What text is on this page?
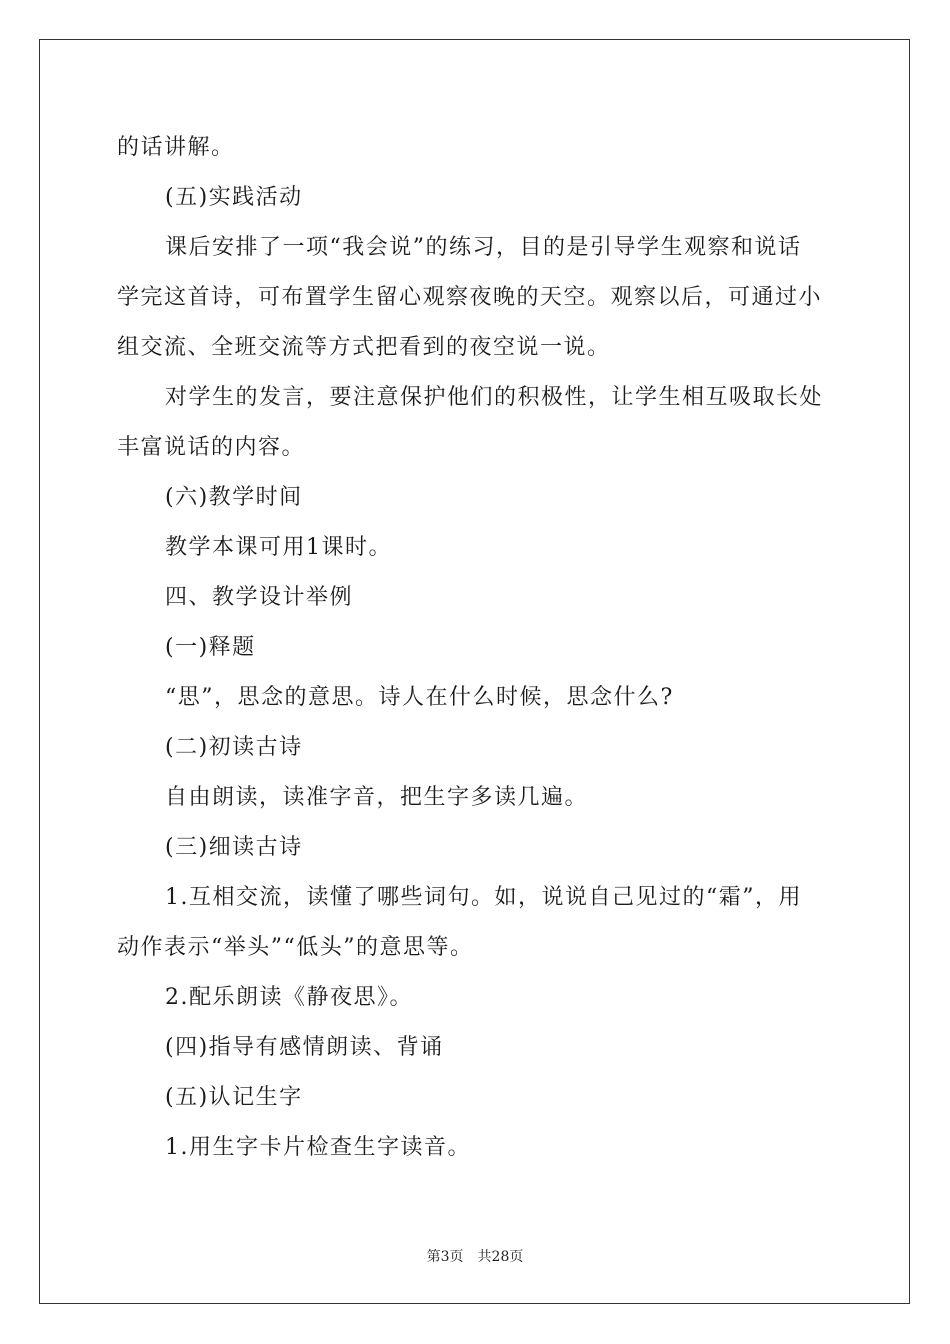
的话讲解。
(五)实践活动
课后安排了一项“我会说”的练习，目的是引导学生观察和说话
学完这首诗，可布置学生留心观察夜晚的天空。观察以后，可通过小
组交流、全班交流等方式把看到的夜空说一说。
对学生的发言，要注意保护他们的积极性，让学生相互吸取长处
丰富说话的内容。
(六)教学时间
教学本课可用1课时。
四、教学设计举例
(一)释题
“思”，思念的意思。诗人在什么时候，思念什么?
(二)初读古诗
自由朗读，读准字音，把生字多读几遍。
(三)细读古诗
1.互相交流，读懂了哪些词句。如，说说自己见过的“霜”，用
动作表示“举头”“低头”的意思等。
2.配乐朗读《静夜思》。
(四)指导有感情朗读、背诵
(五)认记生字
1.用生字卡片检查生字读音。
第3页 共28页
